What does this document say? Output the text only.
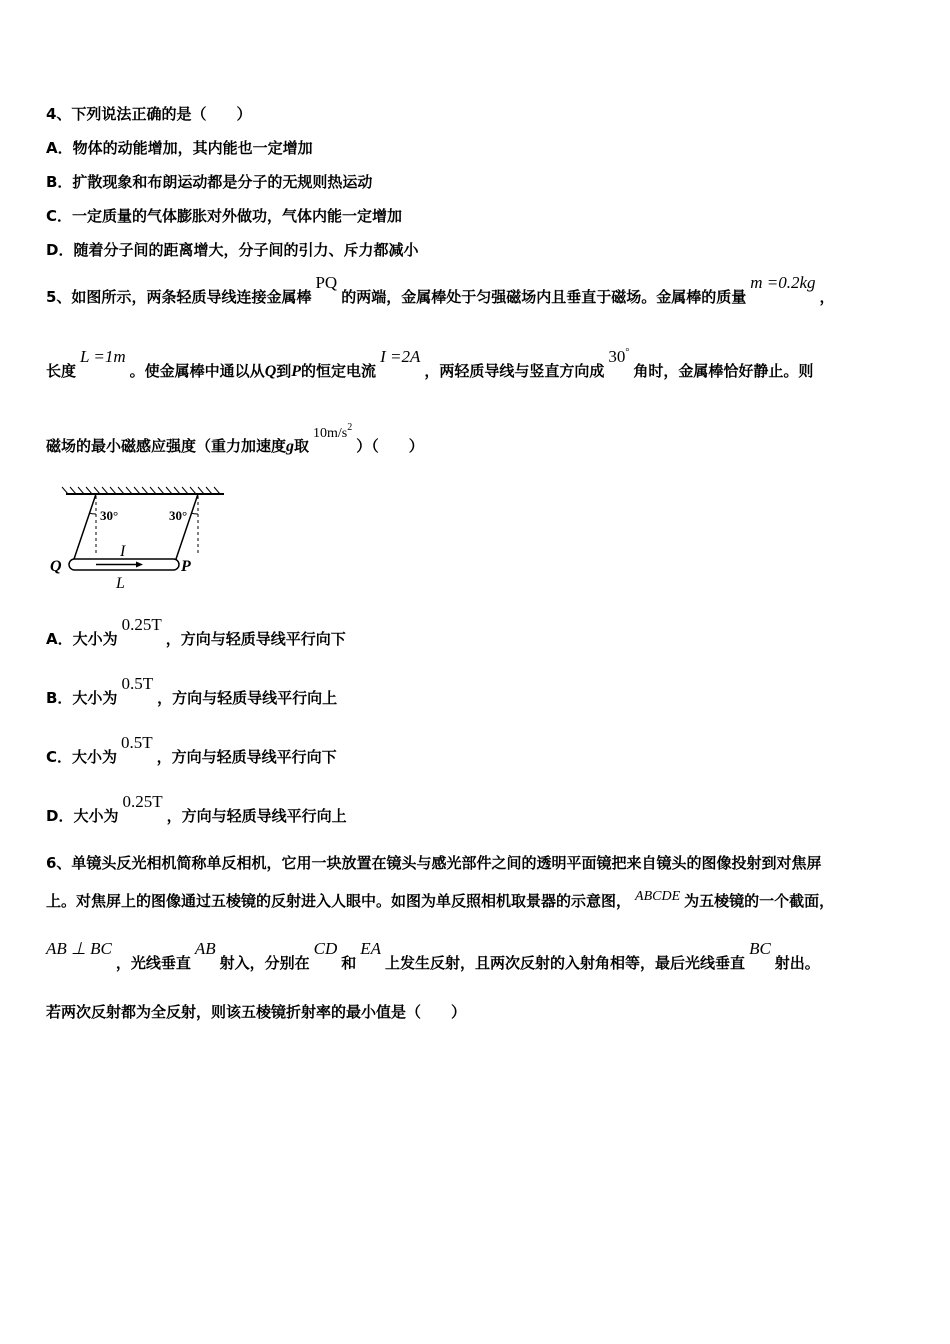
4、下列说法正确的是（　　）
A．物体的动能增加，其内能也一定增加
B．扩散现象和布朗运动都是分子的无规则热运动
C．一定质量的气体膨胀对外做功，气体内能一定增加
D．随着分子间的距离增大，分子间的引力、斥力都减小
5、如图所示，两条轻质导线连接金属棒PQ的两端，金属棒处于匀强磁场内且垂直于磁场。金属棒的质量m =0.2kg，
长度L =1m。使金属棒中通以从Q到P的恒定电流I =2A，两轻质导线与竖直方向成30°角时，金属棒恰好静止。则
磁场的最小磁感应强度（重力加速度g取$10m/s^2$）（　　）
30°	30°
I
L
Q	P
A．大小为0.25T，方向与轻质导线平行向下
B．大小为0.5T，方向与轻质导线平行向上
C．大小为0.5T，方向与轻质导线平行向下
D．大小为0.25T，方向与轻质导线平行向上
6、单镜头反光相机简称单反相机，它用一块放置在镜头与感光部件之间的透明平面镜把来自镜头的图像投射到对焦屏
上。对焦屏上的图像通过五棱镜的反射进入人眼中。如图为单反照相机取景器的示意图， ABCDE 为五棱镜的一个截面，
AB ⊥ BC，光线垂直AB射入，分别在CD和EA上发生反射，且两次反射的入射角相等，最后光线垂直BC射出。
若两次反射都为全反射，则该五棱镜折射率的最小值是（　　）
